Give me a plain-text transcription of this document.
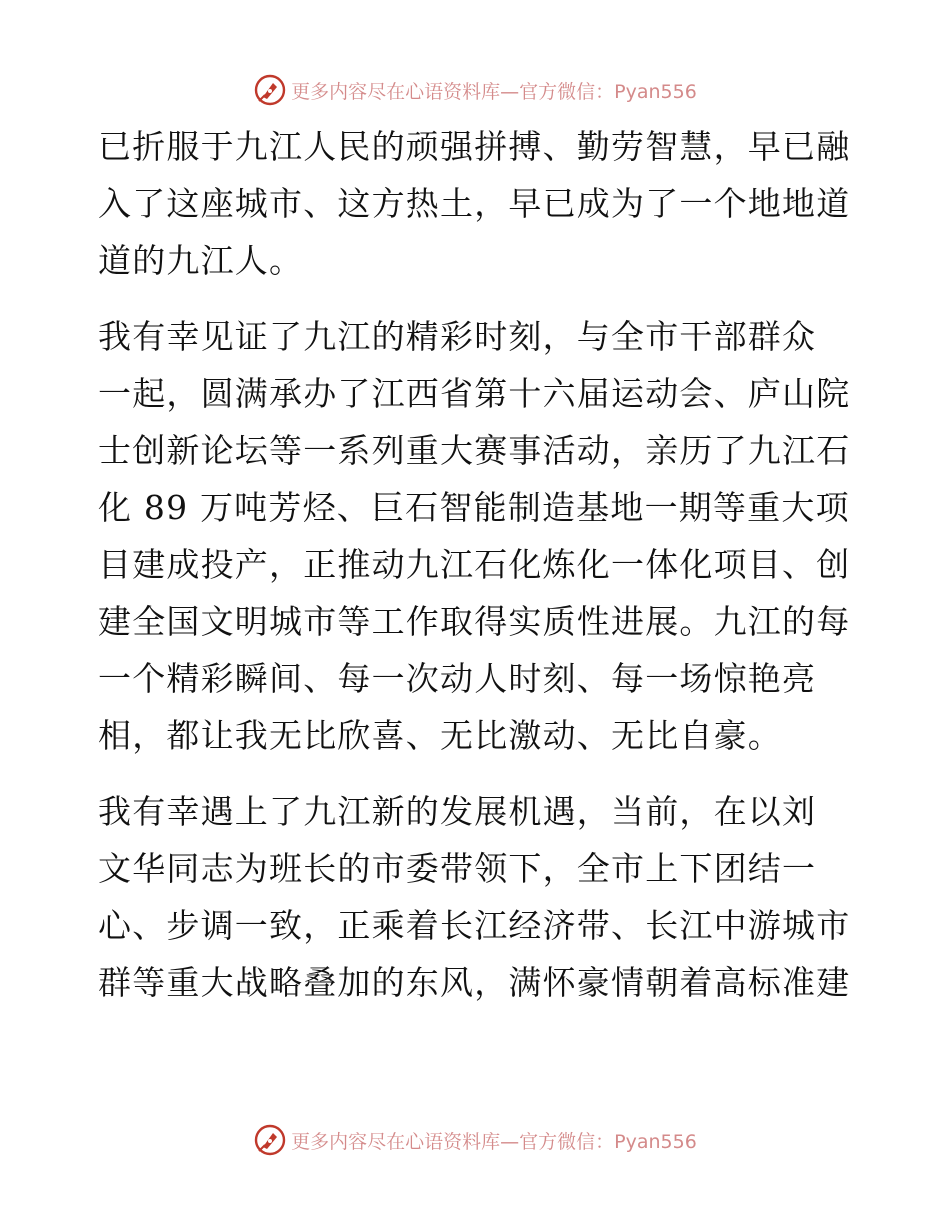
更多内容尽在心语资料库—官方微信：Pyan556
已折服于九江人民的顽强拼搏、勤劳智慧，早已融
入了这座城市、这方热土，早已成为了一个地地道
道的九江人。
我有幸见证了九江的精彩时刻，与全市干部群众
一起，圆满承办了江西省第十六届运动会、庐山院
士创新论坛等一系列重大赛事活动，亲历了九江石
化 89 万吨芳烃、巨石智能制造基地一期等重大项
目建成投产，正推动九江石化炼化一体化项目、创
建全国文明城市等工作取得实质性进展。九江的每
一个精彩瞬间、每一次动人时刻、每一场惊艳亮
相，都让我无比欣喜、无比激动、无比自豪。
我有幸遇上了九江新的发展机遇，当前，在以刘
文华同志为班长的市委带领下，全市上下团结一
心、步调一致，正乘着长江经济带、长江中游城市
群等重大战略叠加的东风，满怀豪情朝着高标准建
更多内容尽在心语资料库—官方微信：Pyan556
